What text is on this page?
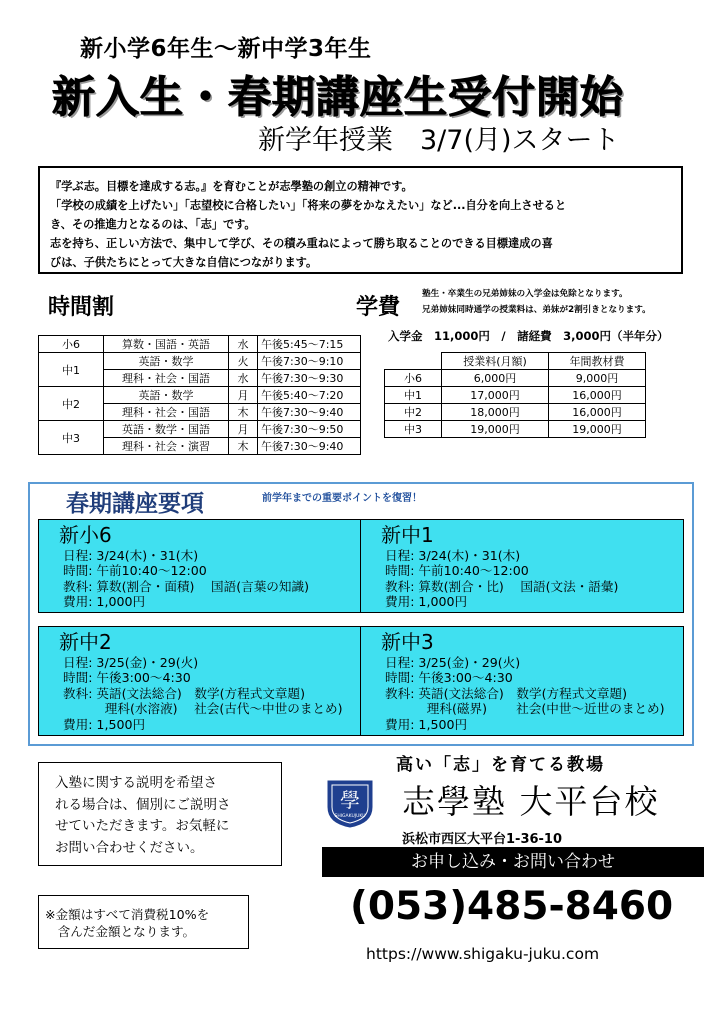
新小学6年生〜新中学3年生
新入生・春期講座生受付開始
新学年授業　3/7(月)スタート

『学ぶ志。目標を達成する志。』を育むことが志學塾の創立の精神です。

「学校の成績を上げたい」「志望校に合格したい」「将来の夢をかなえたい」など...自分を向上させると

き、その推進力となるのは、「志」です。

志を持ち、正しい方法で、集中して学び、その積み重ねによって勝ち取ることのできる目標達成の喜

びは、子供たちにとって大きな自信につながります。

時間割
小6	算数・国語・英語	水	午後5:45〜7:15
中1	英語・数学	火	午後7:30〜9:10
	理科・社会・国語	水	午後7:30〜9:30
中2	英語・数学	月	午後5:40〜7:20
	理科・社会・国語	木	午後7:30〜9:40
中3	英語・数学・国語	月	午後7:30〜9:50
	理科・社会・演習	木	午後7:30〜9:40
学費
塾生・卒業生の兄弟姉妹の入学金は免除となります。
兄弟姉妹同時通学の授業料は、弟妹が2割引きとなります。
入学金　11,000円　/　諸経費　3,000円（半年分）
	授業料(月額)	年間教材費
小6	6,000円	9,000円
中1	17,000円	16,000円
中2	18,000円	16,000円
中3	19,000円	19,000円
春期講座要項	前学年までの重要ポイントを復習！
新小6
日程: 3/24(木)・31(木)
時間: 午前10:40〜12:00
教科: 算数(割合・面積)　 国語(言葉の知識)
費用: 1,000円
新中1
日程: 3/24(木)・31(木)
時間: 午前10:40〜12:00
教科: 算数(割合・比)　 国語(文法・語彙)
費用: 1,000円
新中2
日程: 3/25(金)・29(火)
時間: 午後3:00〜4:30
教科: 英語(文法総合)　数学(方程式文章題)
　　　 理科(水溶液)　 社会(古代〜中世のまとめ)
費用: 1,500円
新中3
日程: 3/25(金)・29(火)
時間: 午後3:00〜4:30
教科: 英語(文法総合)　数学(方程式文章題)
　　　 理科(磁界)　　 社会(中世〜近世のまとめ)
費用: 1,500円
入塾に関する説明を希望さ
れる場合は、個別にご説明さ
せていただきます。お気軽に
お問い合わせください。
※金額はすべて消費税10%を
　含んだ金額となります。
高い「志」を育てる教場
學
SHIGAKUJUKU 志學塾 大平台校
浜松市西区大平台1-36-10
お申し込み・お問い合わせ
(053)485-8460
https://www.shigaku-juku.com
